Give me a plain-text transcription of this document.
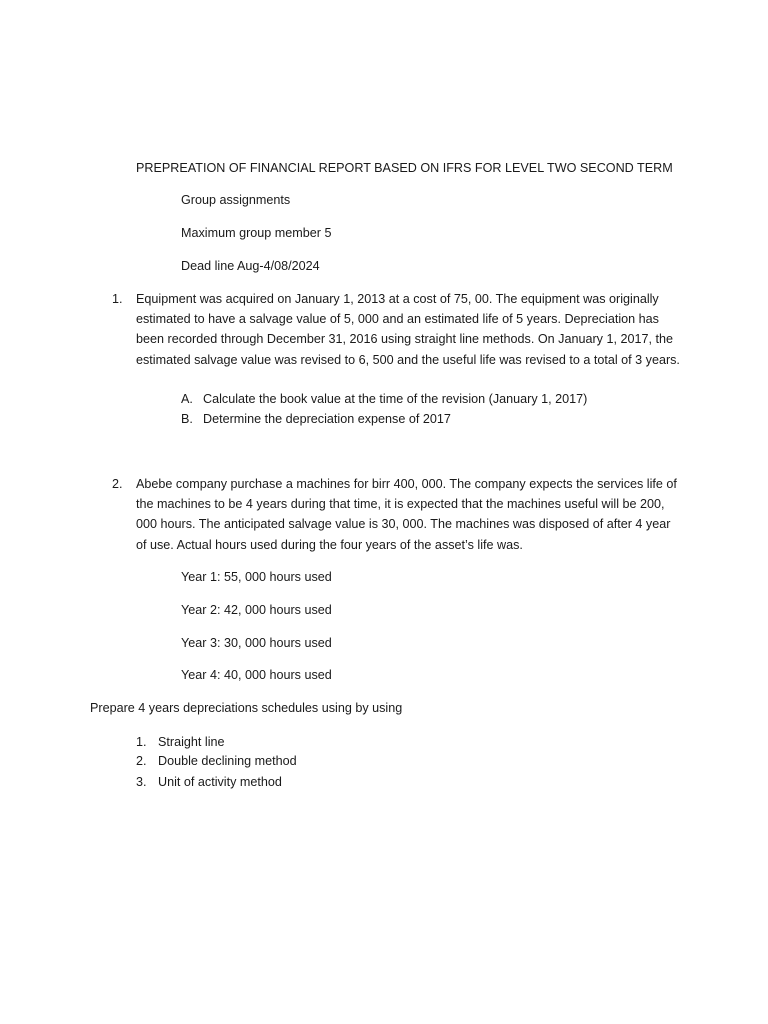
PREPREATION OF FINANCIAL REPORT BASED ON IFRS FOR LEVEL TWO SECOND TERM
Group assignments
Maximum group member 5
Dead line Aug-4/08/2024
1. Equipment was acquired on January 1, 2013 at a cost of 75, 00. The equipment was originally estimated to have a salvage value of 5, 000 and an estimated life of 5 years. Depreciation has been recorded through December 31, 2016 using straight line methods. On January 1, 2017, the estimated salvage value was revised to 6, 500 and the useful life was revised to a total of 3 years.
A. Calculate the book value at the time of the revision (January 1, 2017)
B. Determine the depreciation expense of 2017
2. Abebe company purchase a machines for birr 400, 000. The company expects the services life of the machines to be 4 years during that time, it is expected that the machines useful will be 200, 000 hours. The anticipated salvage value is 30, 000. The machines was disposed of after 4 year of use. Actual hours used during the four years of the asset’s life was.
Year 1: 55, 000 hours used
Year 2: 42, 000 hours used
Year 3: 30, 000 hours used
Year 4: 40, 000 hours used
Prepare 4 years depreciations schedules using by using
1. Straight line
2. Double declining method
3. Unit of activity method
